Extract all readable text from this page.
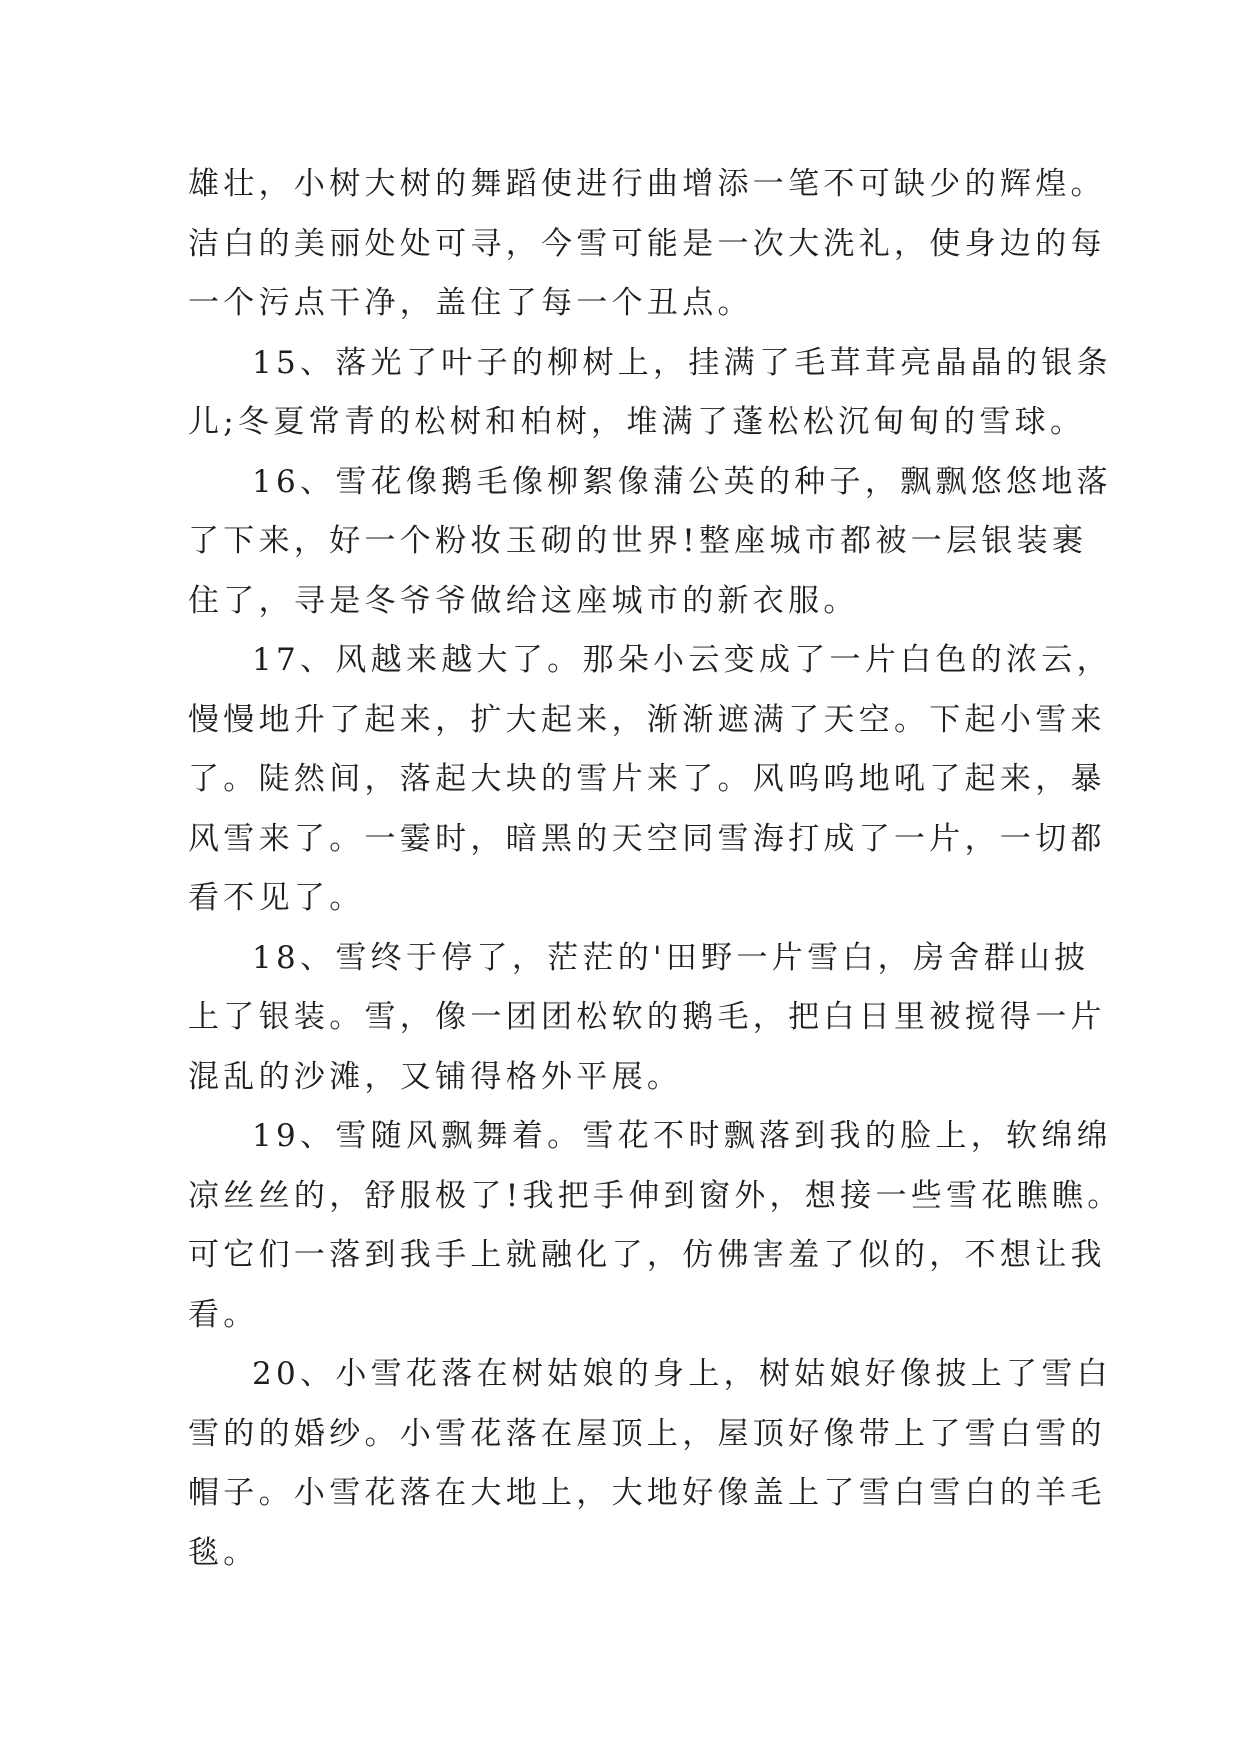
雄壮，小树大树的舞蹈使进行曲增添一笔不可缺少的辉煌。
洁白的美丽处处可寻，今雪可能是一次大洗礼，使身边的每
一个污点干净，盖住了每一个丑点。

15、落光了叶子的柳树上，挂满了毛茸茸亮晶晶的银条
儿;冬夏常青的松树和柏树，堆满了蓬松松沉甸甸的雪球。

16、雪花像鹅毛像柳絮像蒲公英的种子，飘飘悠悠地落
了下来，好一个粉妆玉砌的世界!整座城市都被一层银装裹
住了，寻是冬爷爷做给这座城市的新衣服。

17、风越来越大了。那朵小云变成了一片白色的浓云，
慢慢地升了起来，扩大起来，渐渐遮满了天空。下起小雪来
了。陡然间，落起大块的雪片来了。风呜呜地吼了起来，暴
风雪来了。一霎时，暗黑的天空同雪海打成了一片，一切都
看不见了。

18、雪终于停了，茫茫的'田野一片雪白，房舍群山披
上了银装。雪，像一团团松软的鹅毛，把白日里被搅得一片
混乱的沙滩，又铺得格外平展。

19、雪随风飘舞着。雪花不时飘落到我的脸上，软绵绵
凉丝丝的，舒服极了!我把手伸到窗外，想接一些雪花瞧瞧。
可它们一落到我手上就融化了，仿佛害羞了似的，不想让我
看。

20、小雪花落在树姑娘的身上，树姑娘好像披上了雪白
雪的的婚纱。小雪花落在屋顶上，屋顶好像带上了雪白雪的
帽子。小雪花落在大地上，大地好像盖上了雪白雪白的羊毛
毯。
